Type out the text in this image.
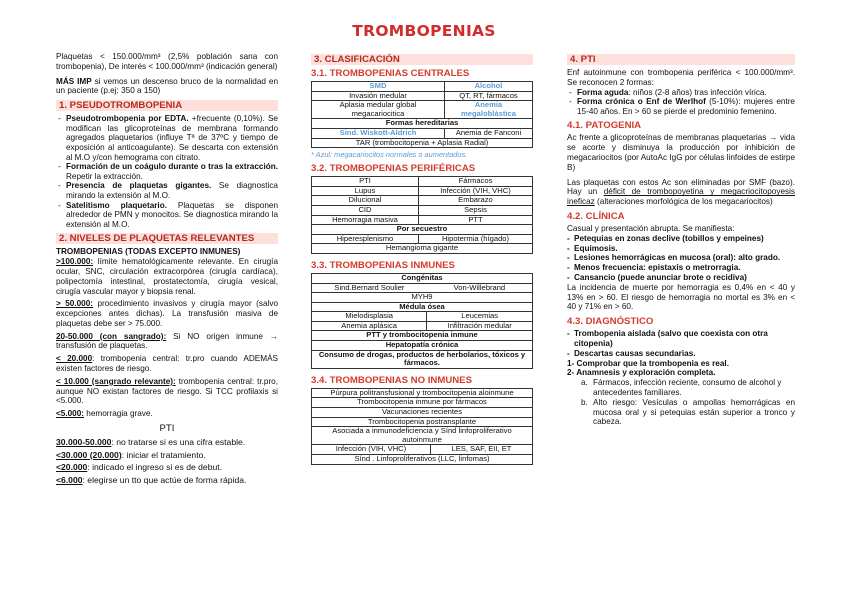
TROMBOPENIAS

Plaquetas < 150.000/mm³ (2,5% población sana con trombopenia), De interés < 100.000/mm³ (indicación general)

MÁS IMP si vemos un descenso bruco de la normalidad en un paciente (p.ej: 350 a 150)

1. PSEUDOTROMBOPENIA
- Pseudotrombopenia por EDTA. +frecuente (0,10%). Se modifican las glicoproteínas de membrana formando agregados plaquetarios (influye Tª de 37ºC y tiempo de exposición al anticoagulante). Se descarta con extensión al M.O y/con hemograma con citrato.
- Formación de un coágulo durante o tras la extracción. Repetir la extracción.
- Presencia de plaquetas gigantes. Se diagnostica mirando la extensión al M.O.
- Satelitismo plaquetario. Plaquetas se disponen alrededor de PMN y monocitos. Se diagnostica mirando la extensión al M.O.
2. NIVELES DE PLAQUETAS RELEVANTES

TROMBOPENIAS (TODAS EXCEPTO INMUNES)

>100.000: límite hematológicamente relevante. En cirugía ocular, SNC, circulación extracorpórea (cirugía cardíaca), polipectomía intestinal, prostatectomía, cirugía vesical, cirugía vascular mayor y biopsia renal.

> 50.000: procedimiento invasivos y cirugía mayor (salvo excepciones antes dichas). La transfusión masiva de plaquetas debe ser > 75.000.

20-50.000 (con sangrado): Si NO origen inmune → transfusión de plaquetas.

< 20.000: trombopenia central: tr.pro cuando ADEMÁS existen factores de riesgo.

< 10.000 (sangrado relevante): trombopenia central: tr.pro, aunque NO existan factores de riesgo. Si TCC profilaxis si <5.000.

<5.000: hemorragia grave.

PTI

30.000-50.000: no tratarse si es una cifra estable.

<30.000 (20.000): iniciar el tratamiento.

<20.000: indicado el ingreso si es de debut.

<6.000: elegirse un tto que actúe de forma rápida.

3. CLASIFICACIÓN
3.1. TROMBOPENIAS CENTRALES
SMD	Alcohol
Invasión medular	QT, RT, fármacos
Aplasia medular global megacariocitica	Anemia megaloblástica
Formas hereditarias	
Sind. Wiskott-Aldrich	Anemia de Fanconi
TAR (trombocitopenia + Aplasia Radial)	
* Azul: megacariocitos normales o aumentados.
3.2. TROMBOPENIAS PERIFÉRICAS
PTI	Fármacos
Lupus	Infección (VIH, VHC)
Dilucional	Embarazo
CID	Sepsis
Hemorragia masiva	PTT
Por secuestro	
Hiperesplenismo	Hipotermia (hígado)
Hemangioma gigante	
3.3. TROMBOPENIAS INMUNES
Congénitas	
Sind.Bernard Soulier	Von-Willebrand
MYH9	
Médula ósea	
Mielodisplasia	Leucemias
Anemia aplásica	Infiltración medular
PTT y trombocitopenia inmune	
Hepatopatía crónica	
Consumo de drogas, productos de herbolarios, tóxicos y fármacos.	
3.4. TROMBOPENIAS NO INMUNES
Púrpura politransfusional y trombocitopenia aloinmune
Trombocitopenia inmune por fármacos
Vacunaciones recientes
Trombocitopenia postransplante
Asociada a inmunodeficiencia y Sínd linfoproliferativo autoinmune
Infección (VIH, VHC)	LES, SAF, EII, ET
Sínd . Linfoproliferativos (LLC, linfomas)
4. PTI

Enf autoinmune con trombopenia periférica < 100.000/mm³. Se reconocen 2 formas:

- Forma aguda: niños (2-8 años) tras infección vírica.
- Forma crónica o Enf de Werlhof (5-10%): mujeres entre 15-40 años. En > 60 se pierde el predominio femenino.
4.1. PATOGENIA

Ac frente a glicoproteínas de membranas plaquetarias → vida se acorte y disminuya la producción por inhibición de megacariocitos (por AutoAc IgG por células linfoides de estirpe B)

Las plaquetas con estos Ac son eliminadas por SMF (bazo). Hay un déficit de trombopoyetina y megacriocitopoyesis ineficaz (alteraciones morfológica de los megacariocitos)

4.2. CLÍNICA

Casual y presentación abrupta. Se manifiesta:

- Petequias en zonas declive (tobillos y empeines)
- Equimosis.
- Lesiones hemorrágicas en mucosa (oral): alto grado.
- Menos frecuencia: epistaxis o metrorragia.
- Cansancio (puede anunciar brote o recidiva)

La incidencia de muerte por hemorragia es 0,4% en < 40 y 13% en > 60. El riesgo de hemorragia no mortal es 3% en < 40 y 71% en > 60.

4.3. DIAGNÓSTICO
- Trombopenia aislada (salvo que coexista con otra citopenia)
- Descartas causas secundarias.

1- Comprobar que la trombopenia es real.

2- Anamnesis y exploración completa.

a. Fármacos, infección reciente, consumo de alcohol y antecedentes familiares.
b. Alto riesgo: Vesículas o ampollas hemorrágicas en mucosa oral y si petequias están superior a tronco y cabeza.
